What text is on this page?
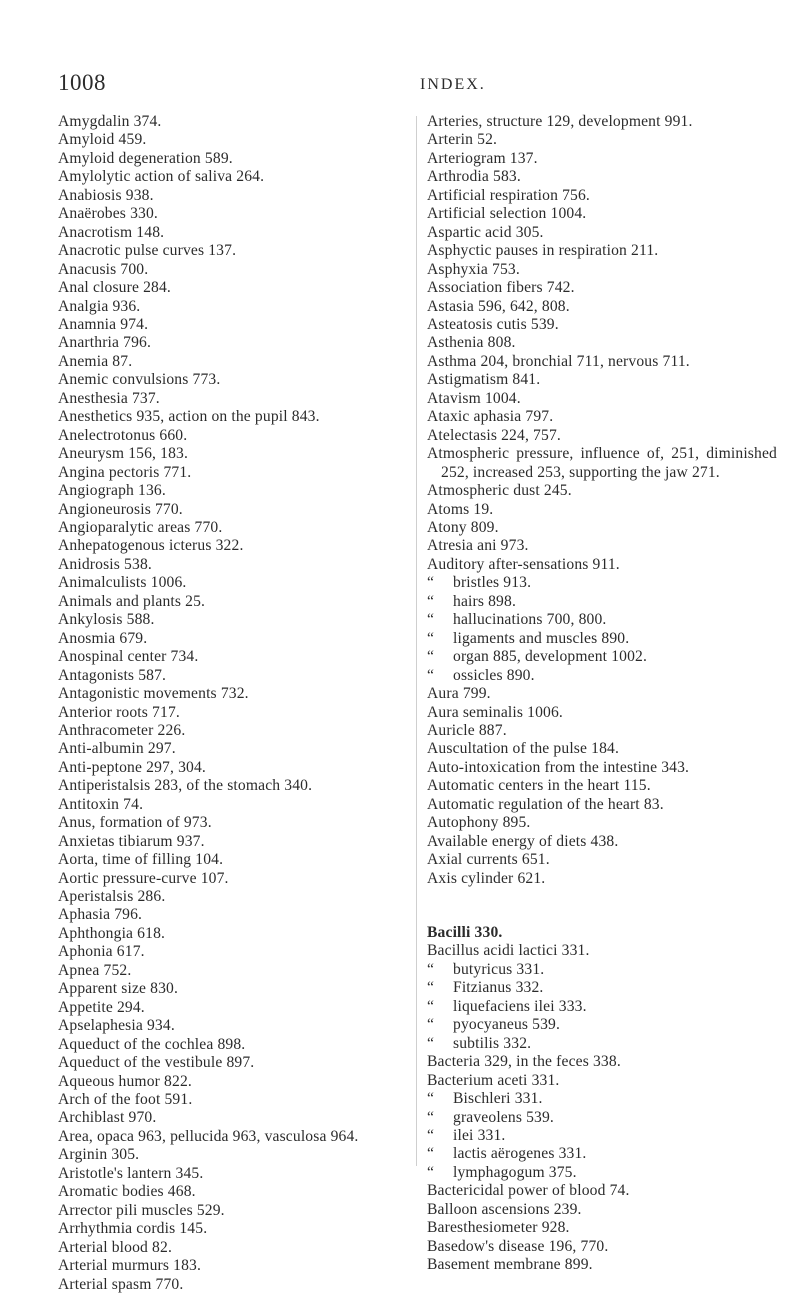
1008	INDEX.

Amygdalin 374.

Amyloid 459.

Amyloid degeneration 589.

Amylolytic action of saliva 264.

Anabiosis 938.

Anaërobes 330.

Anacrotism 148.

Anacrotic pulse curves 137.

Anacusis 700.

Anal closure 284.

Analgia 936.

Anamnia 974.

Anarthria 796.

Anemia 87.

Anemic convulsions 773.

Anesthesia 737.

Anesthetics 935, action on the pupil 843.

Anelectrotonus 660.

Aneurysm 156, 183.

Angina pectoris 771.

Angiograph 136.

Angioneurosis 770.

Angioparalytic areas 770.

Anhepatogenous icterus 322.

Anidrosis 538.

Animalculists 1006.

Animals and plants 25.

Ankylosis 588.

Anosmia 679.

Anospinal center 734.

Antagonists 587.

Antagonistic movements 732.

Anterior roots 717.

Anthracometer 226.

Anti-albumin 297.

Anti-peptone 297, 304.

Antiperistalsis 283, of the stomach 340.

Antitoxin 74.

Anus, formation of 973.

Anxietas tibiarum 937.

Aorta, time of filling 104.

Aortic pressure-curve 107.

Aperistalsis 286.

Aphasia 796.

Aphthongia 618.

Aphonia 617.

Apnea 752.

Apparent size 830.

Appetite 294.

Apselaphesia 934.

Aqueduct of the cochlea 898.

Aqueduct of the vestibule 897.

Aqueous humor 822.

Arch of the foot 591.

Archiblast 970.

Area, opaca 963, pellucida 963, vasculosa 964.

Arginin 305.

Aristotle's lantern 345.

Aromatic bodies 468.

Arrector pili muscles 529.

Arrhythmia cordis 145.

Arterial blood 82.

Arterial murmurs 183.

Arterial spasm 770.

Arteries, structure 129, development 991.

Arterin 52.

Arteriogram 137.

Arthrodia 583.

Artificial respiration 756.

Artificial selection 1004.

Aspartic acid 305.

Asphyctic pauses in respiration 211.

Asphyxia 753.

Association fibers 742.

Astasia 596, 642, 808.

Asteatosis cutis 539.

Asthenia 808.

Asthma 204, bronchial 711, nervous 711.

Astigmatism 841.

Atavism 1004.

Ataxic aphasia 797.

Atelectasis 224, 757.

Atmospheric pressure, influence of, 251, diminished 252, increased 253, supporting the jaw 271.

Atmospheric dust 245.

Atoms 19.

Atony 809.

Atresia ani 973.

Auditory after-sensations 911.

“ bristles 913.

“ hairs 898.

“ hallucinations 700, 800.

“ ligaments and muscles 890.

“ organ 885, development 1002.

“ ossicles 890.

Aura 799.

Aura seminalis 1006.

Auricle 887.

Auscultation of the pulse 184.

Auto-intoxication from the intestine 343.

Automatic centers in the heart 115.

Automatic regulation of the heart 83.

Autophony 895.

Available energy of diets 438.

Axial currents 651.

Axis cylinder 621.

Bacilli 330.

Bacillus acidi lactici 331.

“ butyricus 331.

“ Fitzianus 332.

“ liquefaciens ilei 333.

“ pyocyaneus 539.

“ subtilis 332.

Bacteria 329, in the feces 338.

Bacterium aceti 331.

“ Bischleri 331.

“ graveolens 539.

“ ilei 331.

“ lactis aërogenes 331.

“ lymphagogum 375.

Bactericidal power of blood 74.

Balloon ascensions 239.

Baresthesiometer 928.

Basedow's disease 196, 770.

Basement membrane 899.
